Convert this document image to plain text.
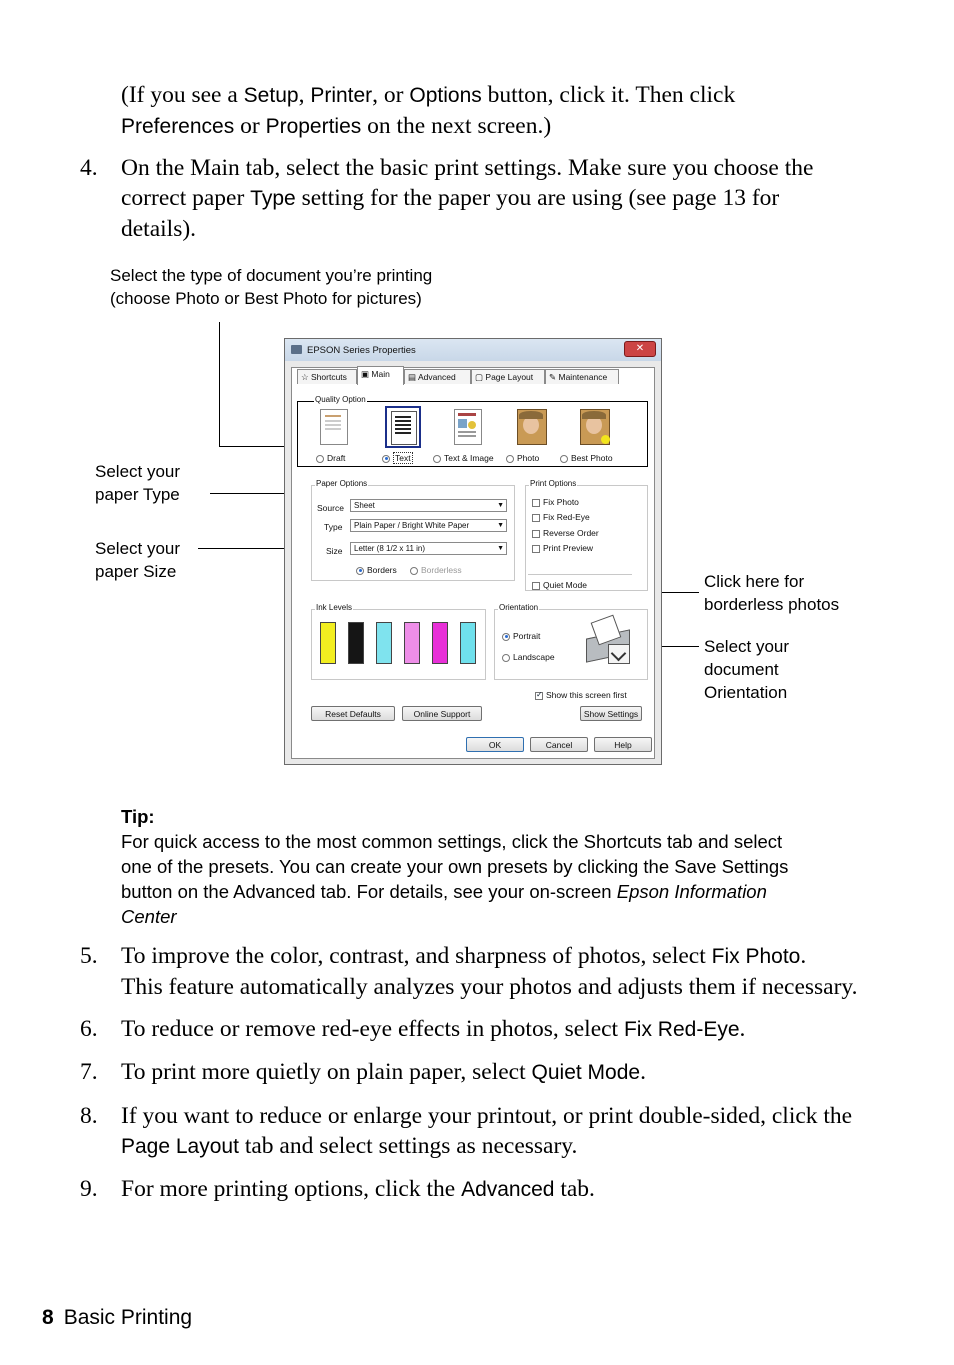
(If you see a Setup, Printer, or Options button, click it. Then click
Preferences or Properties on the next screen.)
4. On the Main tab, select the basic print settings. Make sure you choose the
correct paper Type setting for the paper you are using (see page 13 for
details).
Select the type of document you’re printing
(choose Photo or Best Photo for pictures)
Select your
paper Type
Select your
paper Size
Click here for
borderless photos
Select your
document
Orientation
EPSON Series Properties	✕
Quality Option
Draft	Text	Text & Image	Photo	Best Photo
Paper Options
Source	Sheet	▼
Type	Plain Paper / Bright White Paper	▼
Size	Letter (8 1/2 x 11 in)	▼
Borders	Borderless
Print Options
Fix Photo
Fix Red-Eye
Reverse Order
Print Preview
Quiet Mode
Ink Levels	Orientation
Portrait
Landscape
✓Show this screen first
Reset Defaults	Online Support	Show Settings
☆ Shortcuts	▣ Main	▤ Advanced	▢ Page Layout	✎ Maintenance
OK	Cancel	Help
Tip:
For quick access to the most common settings, click the Shortcuts tab and select
one of the presets. You can create your own presets by clicking the Save Settings
button on the Advanced tab. For details, see your on-screen Epson Information
Center
5. To improve the color, contrast, and sharpness of photos, select Fix Photo.
This feature automatically analyzes your photos and adjusts them if necessary.
6. To reduce or remove red-eye effects in photos, select Fix Red-Eye.
7. To print more quietly on plain paper, select Quiet Mode.
8. If you want to reduce or enlarge your printout, or print double-sided, click the
Page Layout tab and select settings as necessary.
9. For more printing options, click the Advanced tab.
8 Basic Printing
